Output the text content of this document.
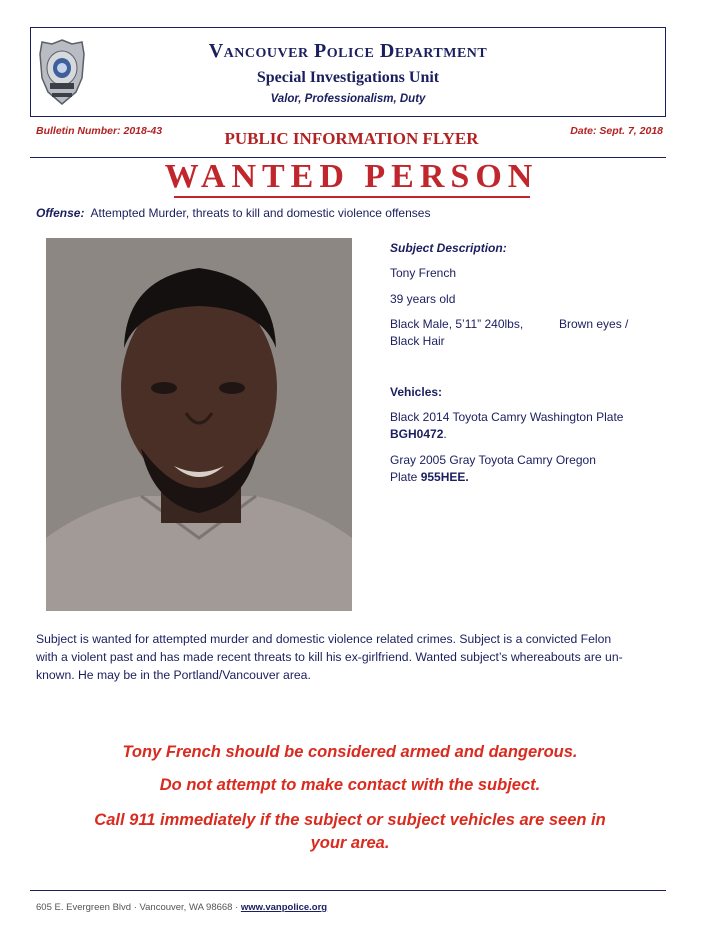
Vancouver Police Department
Special Investigations Unit
Valor, Professionalism, Duty
Bulletin Number: 2018-43	PUBLIC INFORMATION FLYER	Date: Sept. 7, 2018
WANTED PERSON
Offense: Attempted Murder, threats to kill and domestic violence offenses
Subject Description:
Tony French
39 years old
Black Male, 5’11” 240lbs,	Brown eyes /
Black Hair
Vehicles:
Black 2014 Toyota Camry Washington Plate
BGH0472.
Gray 2005 Gray Toyota Camry Oregon
Plate 955HEE.
Subject is wanted for attempted murder and domestic violence related crimes. Subject is a convicted Felon
with a violent past and has made recent threats to kill his ex-girlfriend. Wanted subject’s whereabouts are un-
known. He may be in the Portland/Vancouver area.
Tony French should be considered armed and dangerous.
Do not attempt to make contact with the subject.
Call 911 immediately if the subject or subject vehicles are seen in
your area.
605 E. Evergreen Blvd · Vancouver, WA 98668 · www.vanpolice.org
